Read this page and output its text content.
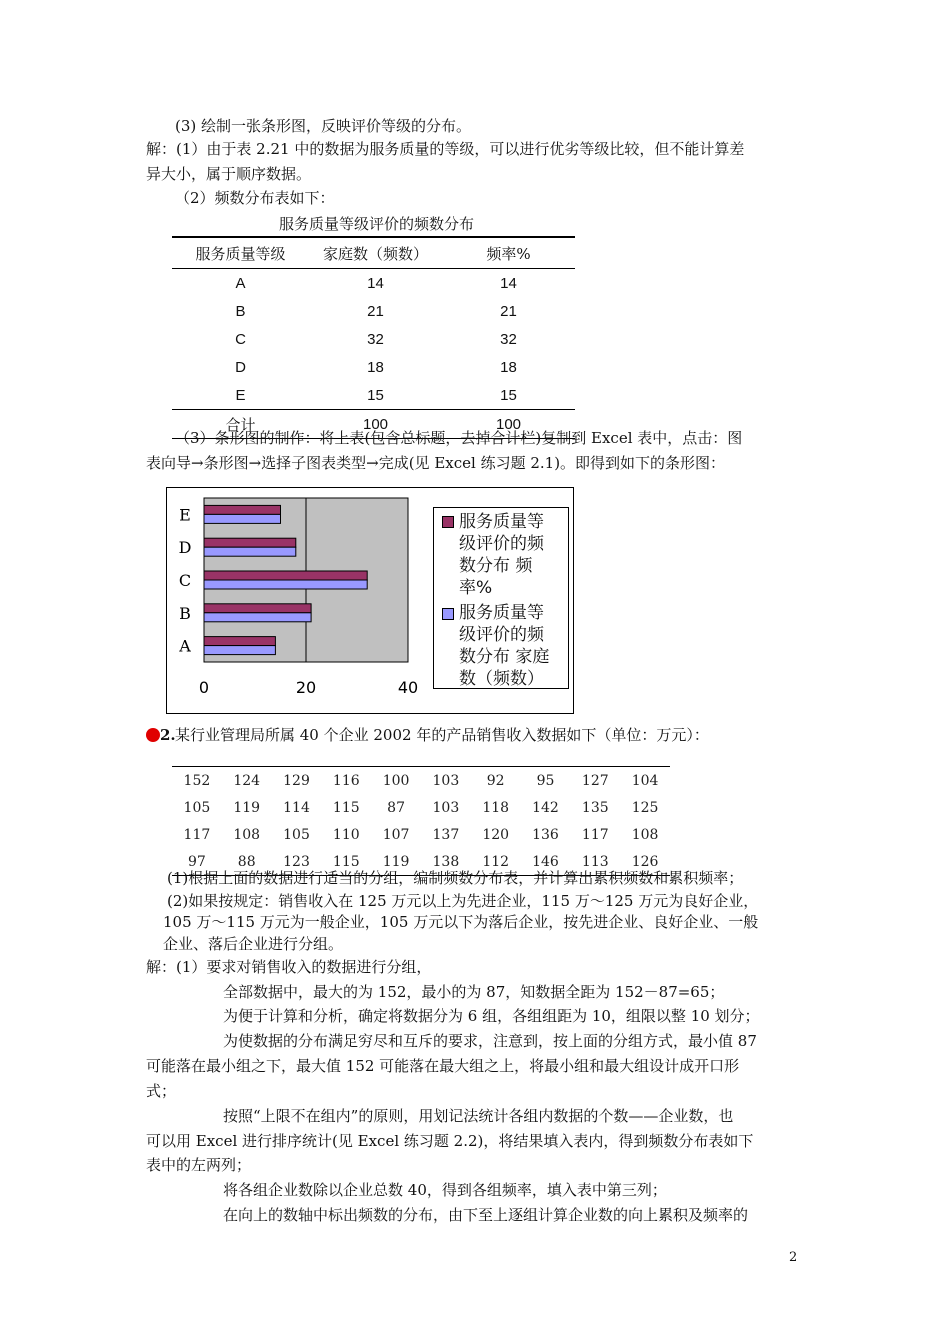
(3) 绘制一张条形图，反映评价等级的分布。
解：(1）由于表 2.21 中的数据为服务质量的等级，可以进行优劣等级比较，但不能计算差
异大小，属于顺序数据。
（2）频数分布表如下：
服务质量等级评价的频数分布
服务质量等级	家庭数（频数）	频率%
A	14	14
B	21	21
C	32	32
D	18	18
E	15	15
合计	100	100
（3）条形图的制作：将上表(包含总标题，去掉合计栏)复制到 Excel 表中，点击：图
表向导→条形图→选择子图表类型→完成(见 Excel 练习题 2.1)。即得到如下的条形图：
0	20	40
A
B
C
D
E	服务质量等
级评价的频
数分布 频
率%
服务质量等
级评价的频
数分布 家庭
数（频数）
2. 某行业管理局所属 40 个企业 2002 年的产品销售收入数据如下（单位：万元）：
152	124	129	116	100	103	92	95	127	104
105	119	114	115	87	103	118	142	135	125
117	108	105	110	107	137	120	136	117	108
97	88	123	115	119	138	112	146	113	126
(1)根据上面的数据进行适当的分组，编制频数分布表，并计算出累积频数和累积频率；
(2)如果按规定：销售收入在 125 万元以上为先进企业，115 万～125 万元为良好企业，
105 万～115 万元为一般企业，105 万元以下为落后企业，按先进企业、良好企业、一般
企业、落后企业进行分组。
解：(1）要求对销售收入的数据进行分组，
全部数据中，最大的为 152，最小的为 87，知数据全距为 152－87=65；
为便于计算和分析，确定将数据分为 6 组，各组组距为 10，组限以整 10 划分；
为使数据的分布满足穷尽和互斥的要求，注意到，按上面的分组方式，最小值 87
可能落在最小组之下，最大值 152 可能落在最大组之上，将最小组和最大组设计成开口形
式；
按照“上限不在组内”的原则，用划记法统计各组内数据的个数——企业数，也
可以用 Excel 进行排序统计(见 Excel 练习题 2.2)，将结果填入表内，得到频数分布表如下
表中的左两列；
将各组企业数除以企业总数 40，得到各组频率，填入表中第三列；
在向上的数轴中标出频数的分布，由下至上逐组计算企业数的向上累积及频率的
2
